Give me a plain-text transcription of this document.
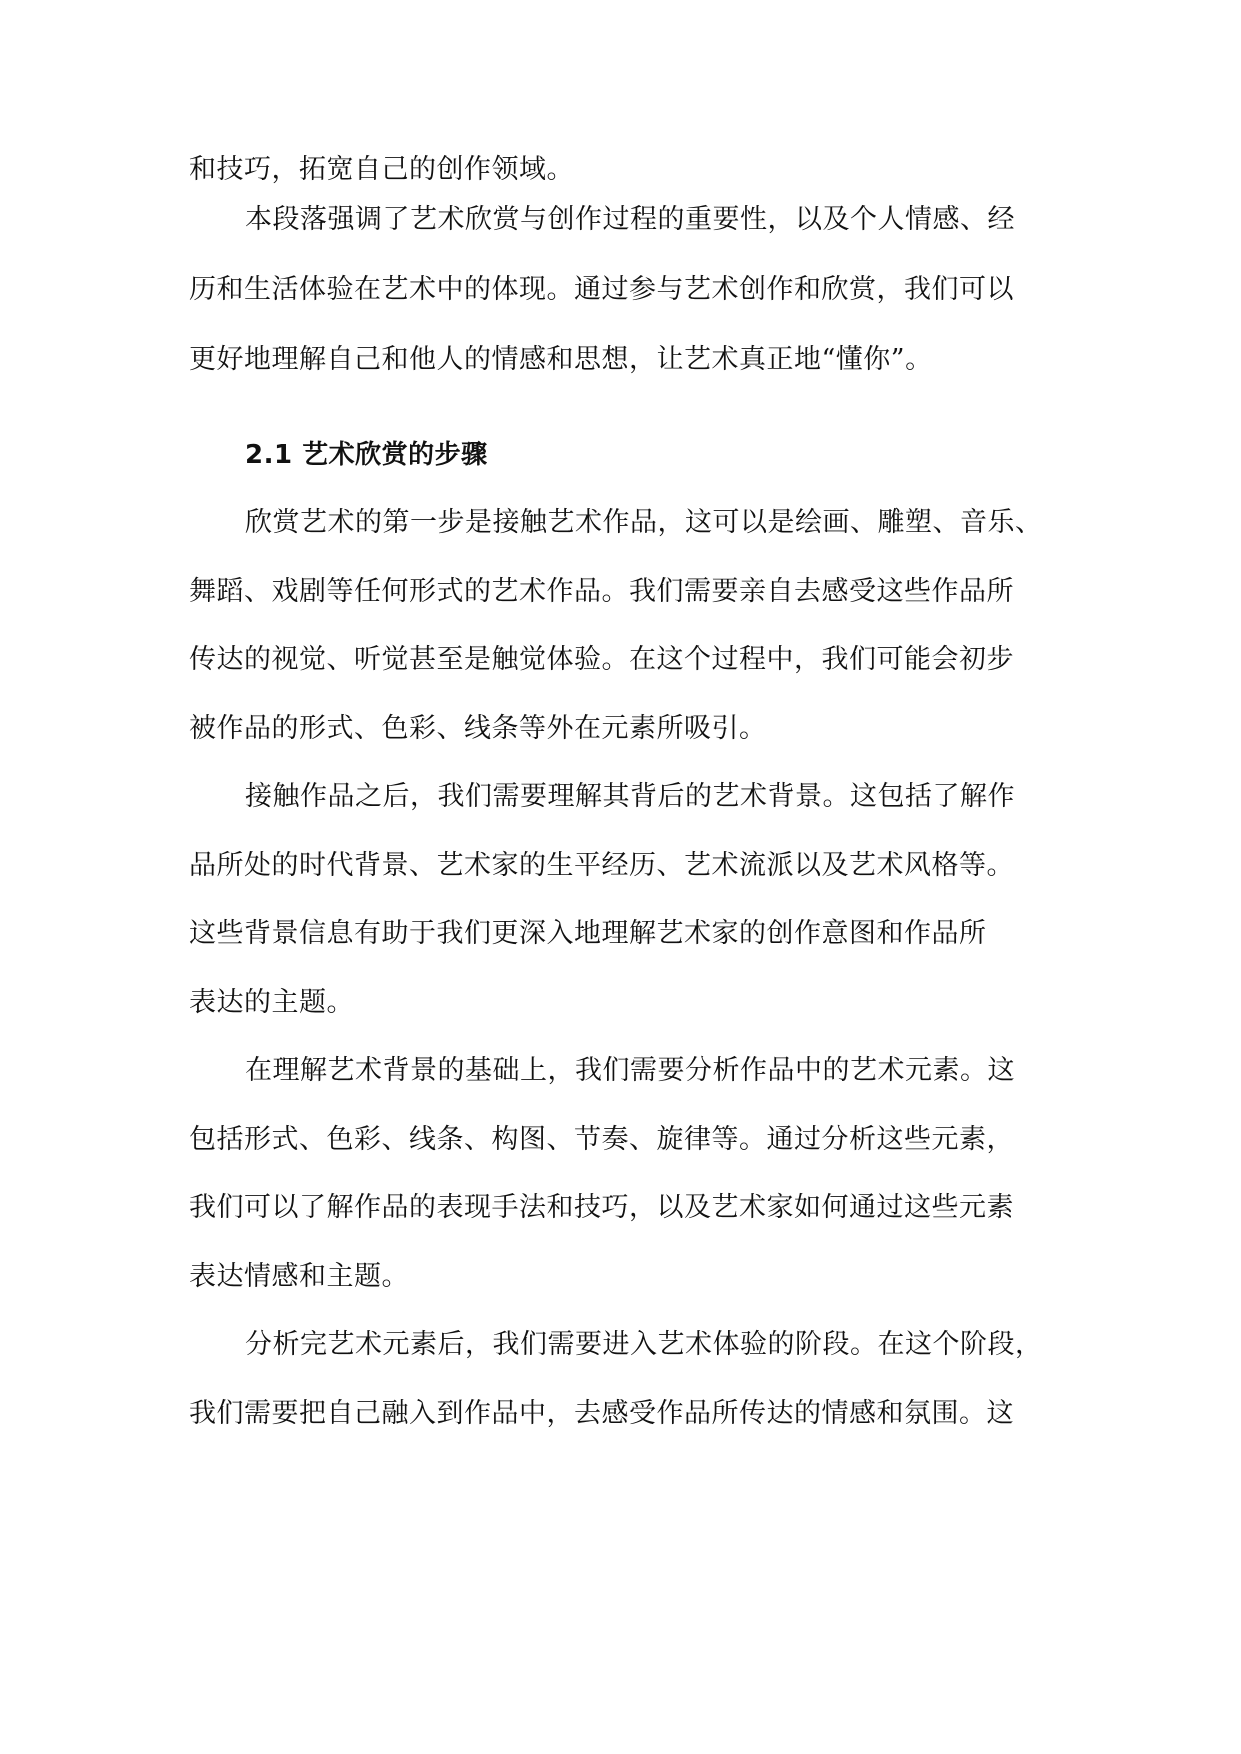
和技巧，拓宽自己的创作领域。
本段落强调了艺术欣赏与创作过程的重要性，以及个人情感、经
历和生活体验在艺术中的体现。通过参与艺术创作和欣赏，我们可以
更好地理解自己和他人的情感和思想，让艺术真正地“懂你”。
2.1 艺术欣赏的步骤
欣赏艺术的第一步是接触艺术作品，这可以是绘画、雕塑、音乐、
舞蹈、戏剧等任何形式的艺术作品。我们需要亲自去感受这些作品所
传达的视觉、听觉甚至是触觉体验。在这个过程中，我们可能会初步
被作品的形式、色彩、线条等外在元素所吸引。
接触作品之后，我们需要理解其背后的艺术背景。这包括了解作
品所处的时代背景、艺术家的生平经历、艺术流派以及艺术风格等。
这些背景信息有助于我们更深入地理解艺术家的创作意图和作品所
表达的主题。
在理解艺术背景的基础上，我们需要分析作品中的艺术元素。这
包括形式、色彩、线条、构图、节奏、旋律等。通过分析这些元素，
我们可以了解作品的表现手法和技巧，以及艺术家如何通过这些元素
表达情感和主题。
分析完艺术元素后，我们需要进入艺术体验的阶段。在这个阶段，
我们需要把自己融入到作品中，去感受作品所传达的情感和氛围。这
